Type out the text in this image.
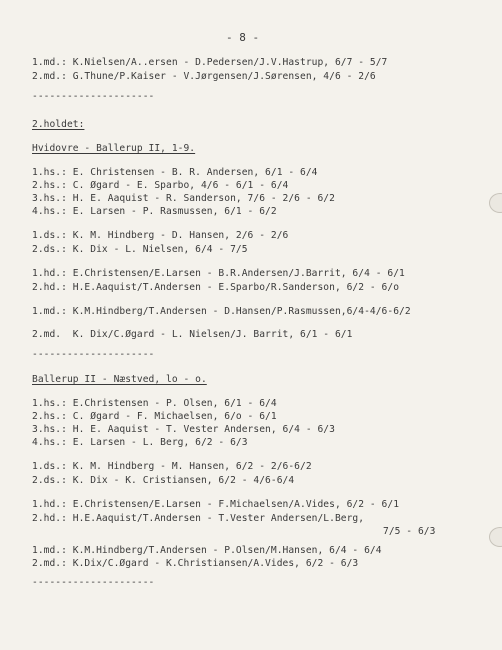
- 8 -
1.md.: K.Nielsen/A..ersen - D.Pedersen/J.V.Hastrup, 6/7 - 5/7
2.md.: G.Thune/P.Kaiser - V.Jørgensen/J.Sørensen, 4/6 - 2/6
---------------------
2.holdet:
Hvidovre - Ballerup II, 1-9.
1.hs.: E. Christensen - B. R. Andersen, 6/1 - 6/4
2.hs.: C. Øgard - E. Sparbo, 4/6 - 6/1 - 6/4
3.hs.: H. E. Aaquist - R. Sanderson, 7/6 - 2/6 - 6/2
4.hs.: E. Larsen - P. Rasmussen, 6/1 - 6/2
1.ds.: K. M. Hindberg - D. Hansen, 2/6 - 2/6
2.ds.: K. Dix - L. Nielsen, 6/4 - 7/5
1.hd.: E.Christensen/E.Larsen - B.R.Andersen/J.Barrit, 6/4 - 6/1
2.hd.: H.E.Aaquist/T.Andersen - E.Sparbo/R.Sanderson, 6/2 - 6/o
1.md.: K.M.Hindberg/T.Andersen - D.Hansen/P.Rasmussen,6/4-4/6-6/2
2.md.  K. Dix/C.Øgard - L. Nielsen/J. Barrit, 6/1 - 6/1
---------------------
Ballerup II - Næstved, lo - o.
1.hs.: E.Christensen - P. Olsen, 6/1 - 6/4
2.hs.: C. Øgard - F. Michaelsen, 6/o - 6/1
3.hs.: H. E. Aaquist - T. Vester Andersen, 6/4 - 6/3
4.hs.: E. Larsen - L. Berg, 6/2 - 6/3
1.ds.: K. M. Hindberg - M. Hansen, 6/2 - 2/6-6/2
2.ds.: K. Dix - K. Cristiansen, 6/2 - 4/6-6/4
1.hd.: E.Christensen/E.Larsen - F.Michaelsen/A.Vides, 6/2 - 6/1
2.hd.: H.E.Aaquist/T.Andersen - T.Vester Andersen/L.Berg,
7/5 - 6/3
1.md.: K.M.Hindberg/T.Andersen - P.Olsen/M.Hansen, 6/4 - 6/4
2.md.: K.Dix/C.Øgard - K.Christiansen/A.Vides, 6/2 - 6/3
---------------------
